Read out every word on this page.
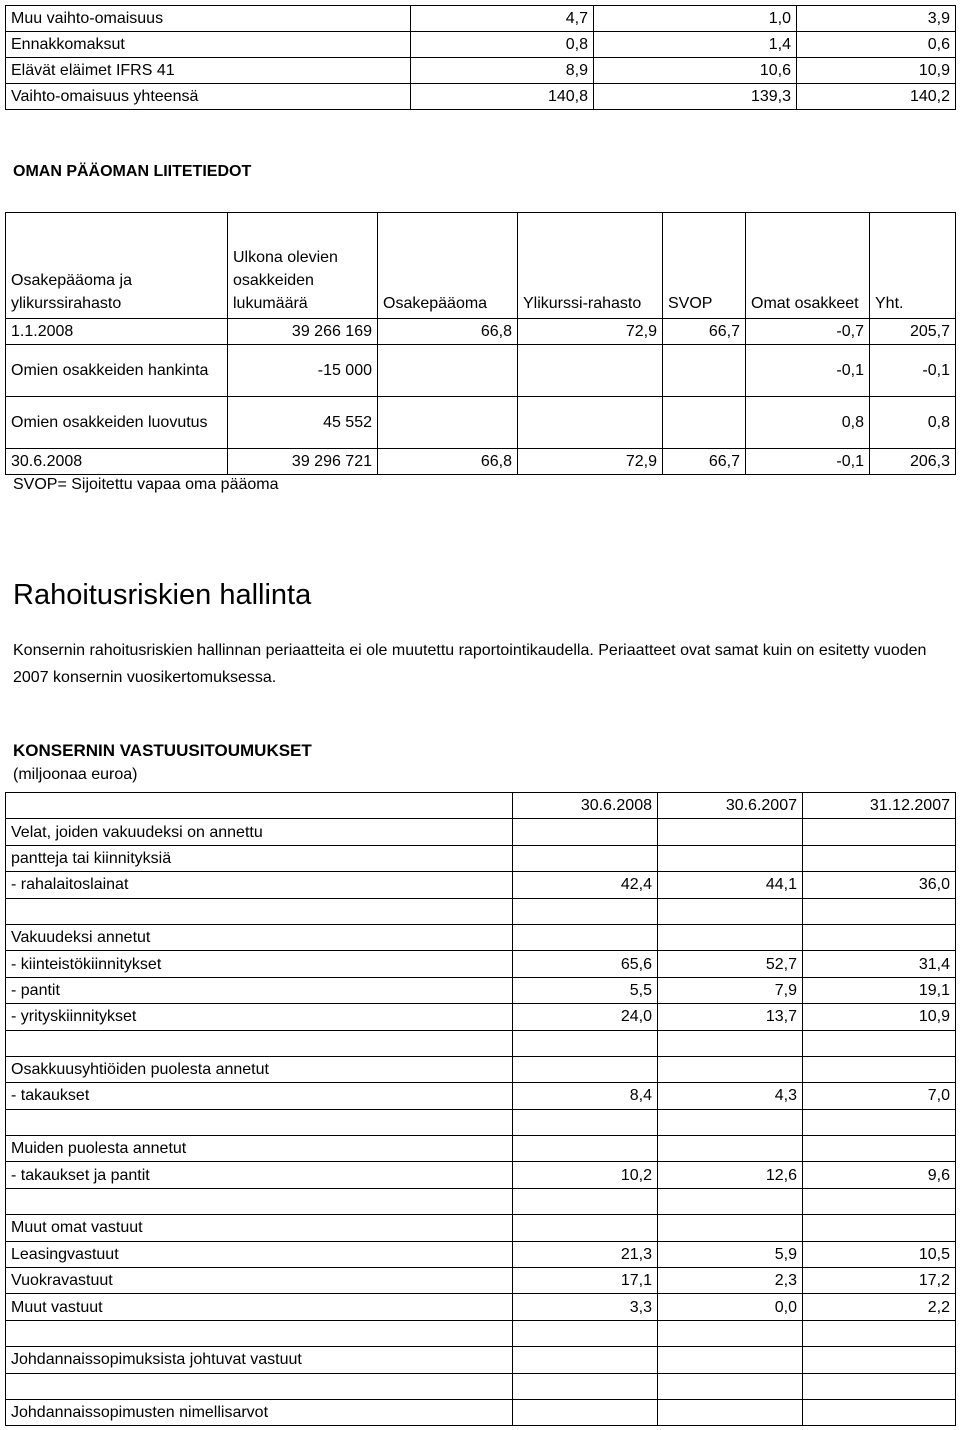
Muu vaihto-omaisuus	4,7	1,0	3,9
Ennakkomaksut	0,8	1,4	0,6
Elävät eläimet IFRS 41	8,9	10,6	10,9
Vaihto-omaisuus yhteensä	140,8	139,3	140,2
OMAN PÄÄOMAN LIITETIEDOT
Osakepääoma ja ylikurssirahasto	Ulkona olevien osakkeiden lukumäärä	Osakepääoma	Ylikurssi-rahasto	SVOP	Omat osakkeet	Yht.
1.1.2008	39 266 169	66,8	72,9	66,7	-0,7	205,7
Omien osakkeiden hankinta	-15 000				-0,1	-0,1
Omien osakkeiden luovutus	45 552				0,8	0,8
30.6.2008	39 296 721	66,8	72,9	66,7	-0,1	206,3
SVOP= Sijoitettu vapaa oma pääoma
Rahoitusriskien hallinta
Konsernin rahoitusriskien hallinnan periaatteita ei ole muutettu raportointikaudella. Periaatteet ovat samat kuin on esitetty vuoden 2007 konsernin vuosikertomuksessa.
KONSERNIN VASTUUSITOUMUKSET
(miljoonaa euroa)
	30.6.2008	30.6.2007	31.12.2007
Velat, joiden vakuudeksi on annettu			
pantteja tai kiinnityksiä			
- rahalaitoslainat	42,4	44,1	36,0

Vakuudeksi annetut			
- kiinteistökiinnitykset	65,6	52,7	31,4
- pantit	5,5	7,9	19,1
- yrityskiinnitykset	24,0	13,7	10,9

Osakkuusyhtiöiden puolesta annetut			
- takaukset	8,4	4,3	7,0

Muiden puolesta annetut			
- takaukset ja pantit	10,2	12,6	9,6

Muut omat vastuut			
Leasingvastuut	21,3	5,9	10,5
Vuokravastuut	17,1	2,3	17,2
Muut vastuut	3,3	0,0	2,2

Johdannaissopimuksista johtuvat vastuut			

Johdannaissopimusten nimellisarvot			
